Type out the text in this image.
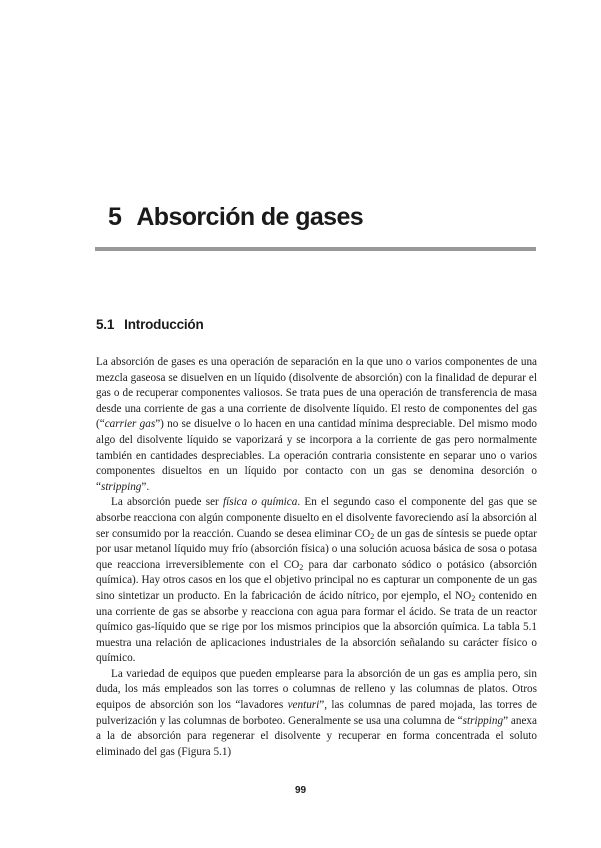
5 Absorción de gases
5.1 Introducción

La absorción de gases es una operación de separación en la que uno o varios componentes de una mezcla gaseosa se disuelven en un líquido (disolvente de absorción) con la finalidad de depurar el gas o de recuperar componentes valiosos. Se trata pues de una operación de transferencia de masa desde una corriente de gas a una corriente de disolvente líquido. El resto de componentes del gas (“carrier gas”) no se disuelve o lo hacen en una cantidad mínima despreciable. Del mismo modo algo del disolvente líquido se vaporizará y se incorpora a la corriente de gas pero normalmente también en cantidades despreciables. La operación contraria consistente en separar uno o varios componentes disueltos en un líquido por contacto con un gas se denomina desorción o “stripping”.

La absorción puede ser física o química. En el segundo caso el componente del gas que se absorbe reacciona con algún componente disuelto en el disolvente favoreciendo así la absorción al ser consumido por la reacción. Cuando se desea eliminar $CO_2$ de un gas de síntesis se puede optar por usar metanol líquido muy frío (absorción física) o una solución acuosa básica de sosa o potasa que reacciona irreversiblemente con el $CO_2$ para dar carbonato sódico o potásico (absorción química). Hay otros casos en los que el objetivo principal no es capturar un componente de un gas sino sintetizar un producto. En la fabricación de ácido nítrico, por ejemplo, el $NO_2$ contenido en una corriente de gas se absorbe y reacciona con agua para formar el ácido. Se trata de un reactor químico gas-líquido que se rige por los mismos principios que la absorción química. La tabla 5.1 muestra una relación de aplicaciones industriales de la absorción señalando su carácter físico o químico.

La variedad de equipos que pueden emplearse para la absorción de un gas es amplia pero, sin duda, los más empleados son las torres o columnas de relleno y las columnas de platos. Otros equipos de absorción son los “lavadores venturi”, las columnas de pared mojada, las torres de pulverización y las columnas de borboteo. Generalmente se usa una columna de “stripping” anexa a la de absorción para regenerar el disolvente y recuperar en forma concentrada el soluto eliminado del gas (Figura 5.1)

99
